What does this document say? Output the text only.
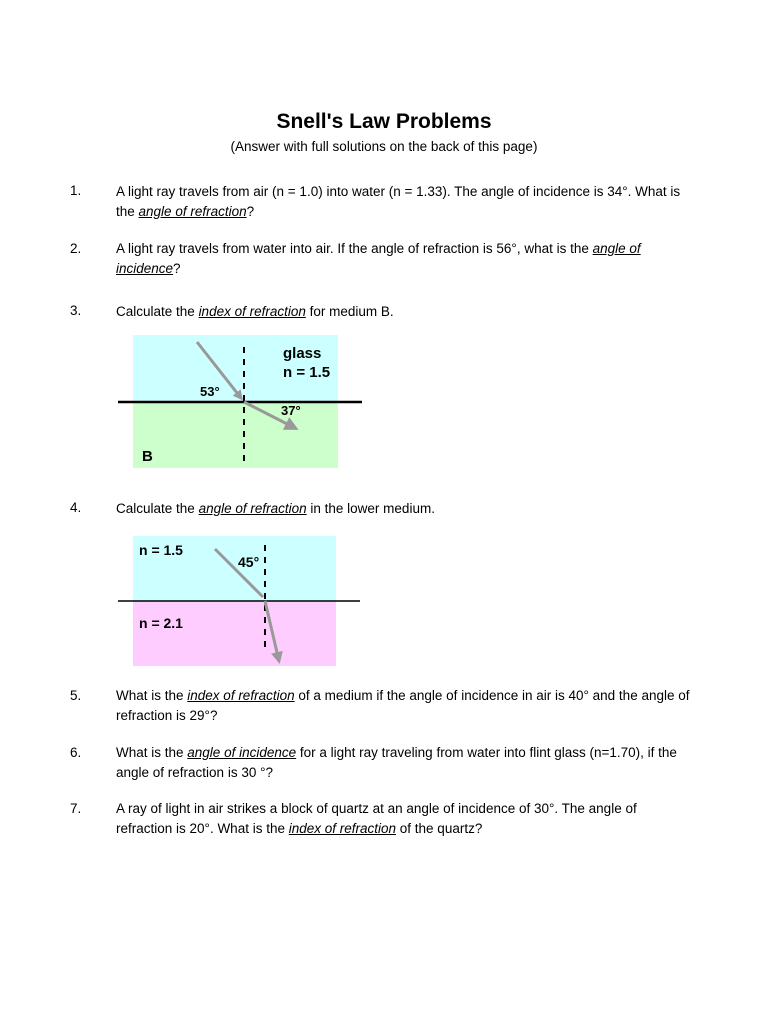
Snell's Law Problems

(Answer with full solutions on the back of this page)

1.	A light ray travels from air (n = 1.0) into water (n = 1.33). The angle of incidence is 34°. What is the angle of refraction?
2.	A light ray travels from water into air. If the angle of refraction is 56°, what is the angle of incidence?
3.	Calculate the index of refraction for medium B.
glass
n = 1.5
53°
37°
B
4.	Calculate the angle of refraction in the lower medium.
n = 1.5
45°
n = 2.1
5.	What is the index of refraction of a medium if the angle of incidence in air is 40° and the angle of refraction is 29°?
6.	What is the angle of incidence for a light ray traveling from water into flint glass (n=1.70), if the angle of refraction is 30 °?
7.	A ray of light in air strikes a block of quartz at an angle of incidence of 30°. The angle of refraction is 20°. What is the index of refraction of the quartz?
